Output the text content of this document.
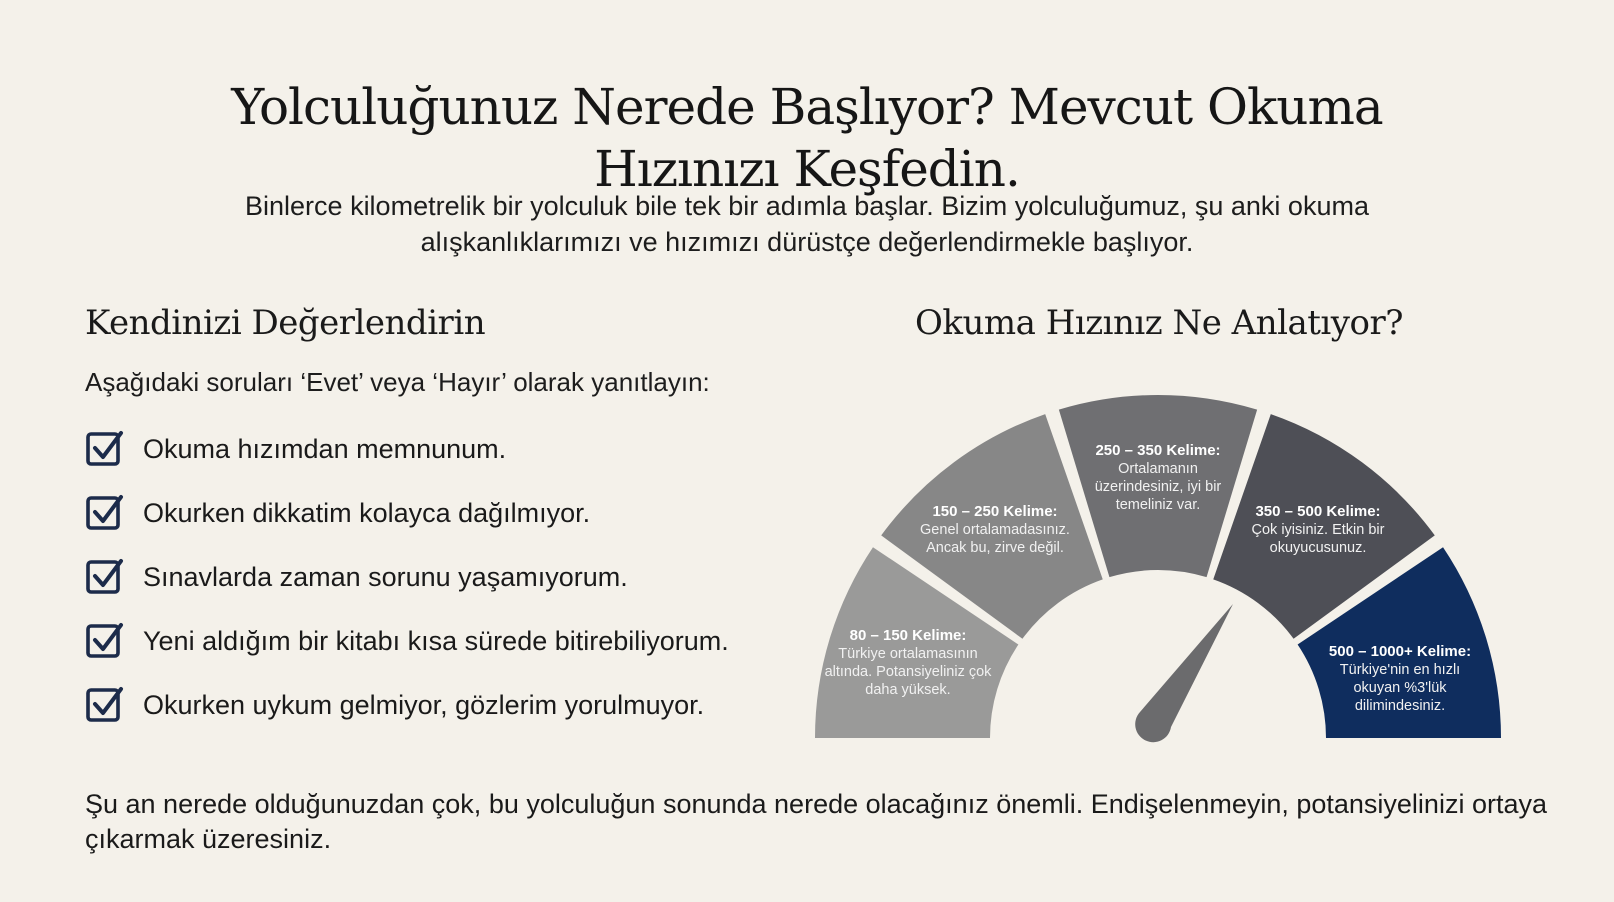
Yolculuğunuz Nerede Başlıyor? Mevcut Okuma
Hızınızı Keşfedin.
Binlerce kilometrelik bir yolculuk bile tek bir adımla başlar. Bizim yolculuğumuz, şu anki okuma
alışkanlıklarımızı ve hızımızı dürüstçe değerlendirmekle başlıyor.
Kendinizi Değerlendirin
Aşağıdaki soruları ‘Evet’ veya ‘Hayır’ olarak yanıtlayın:
Okuma hızımdan memnunum.
Okurken dikkatim kolayca dağılmıyor.
Sınavlarda zaman sorunu yaşamıyorum.
Yeni aldığım bir kitabı kısa sürede bitirebiliyorum.
Okurken uykum gelmiyor, gözlerim yorulmuyor.
Okuma Hızınız Ne Anlatıyor?
80 – 150 Kelime:
Türkiye ortalamasının altında. Potansiyeliniz çok daha yüksek.
150 – 250 Kelime:
Genel ortalamadasınız. Ancak bu, zirve değil.
250 – 350 Kelime:
Ortalamanın üzerindesiniz, iyi bir temeliniz var.	350 – 500 Kelime:
Çok iyisiniz. Etkin bir okuyucusunuz.
500 – 1000+ Kelime:
Türkiye'nin en hızlı okuyan %3'lük dilimindesiniz.
Şu an nerede olduğunuzdan çok, bu yolculuğun sonunda nerede olacağınız önemli. Endişelenmeyin, potansiyelinizi ortaya çıkarmak üzeresiniz.
